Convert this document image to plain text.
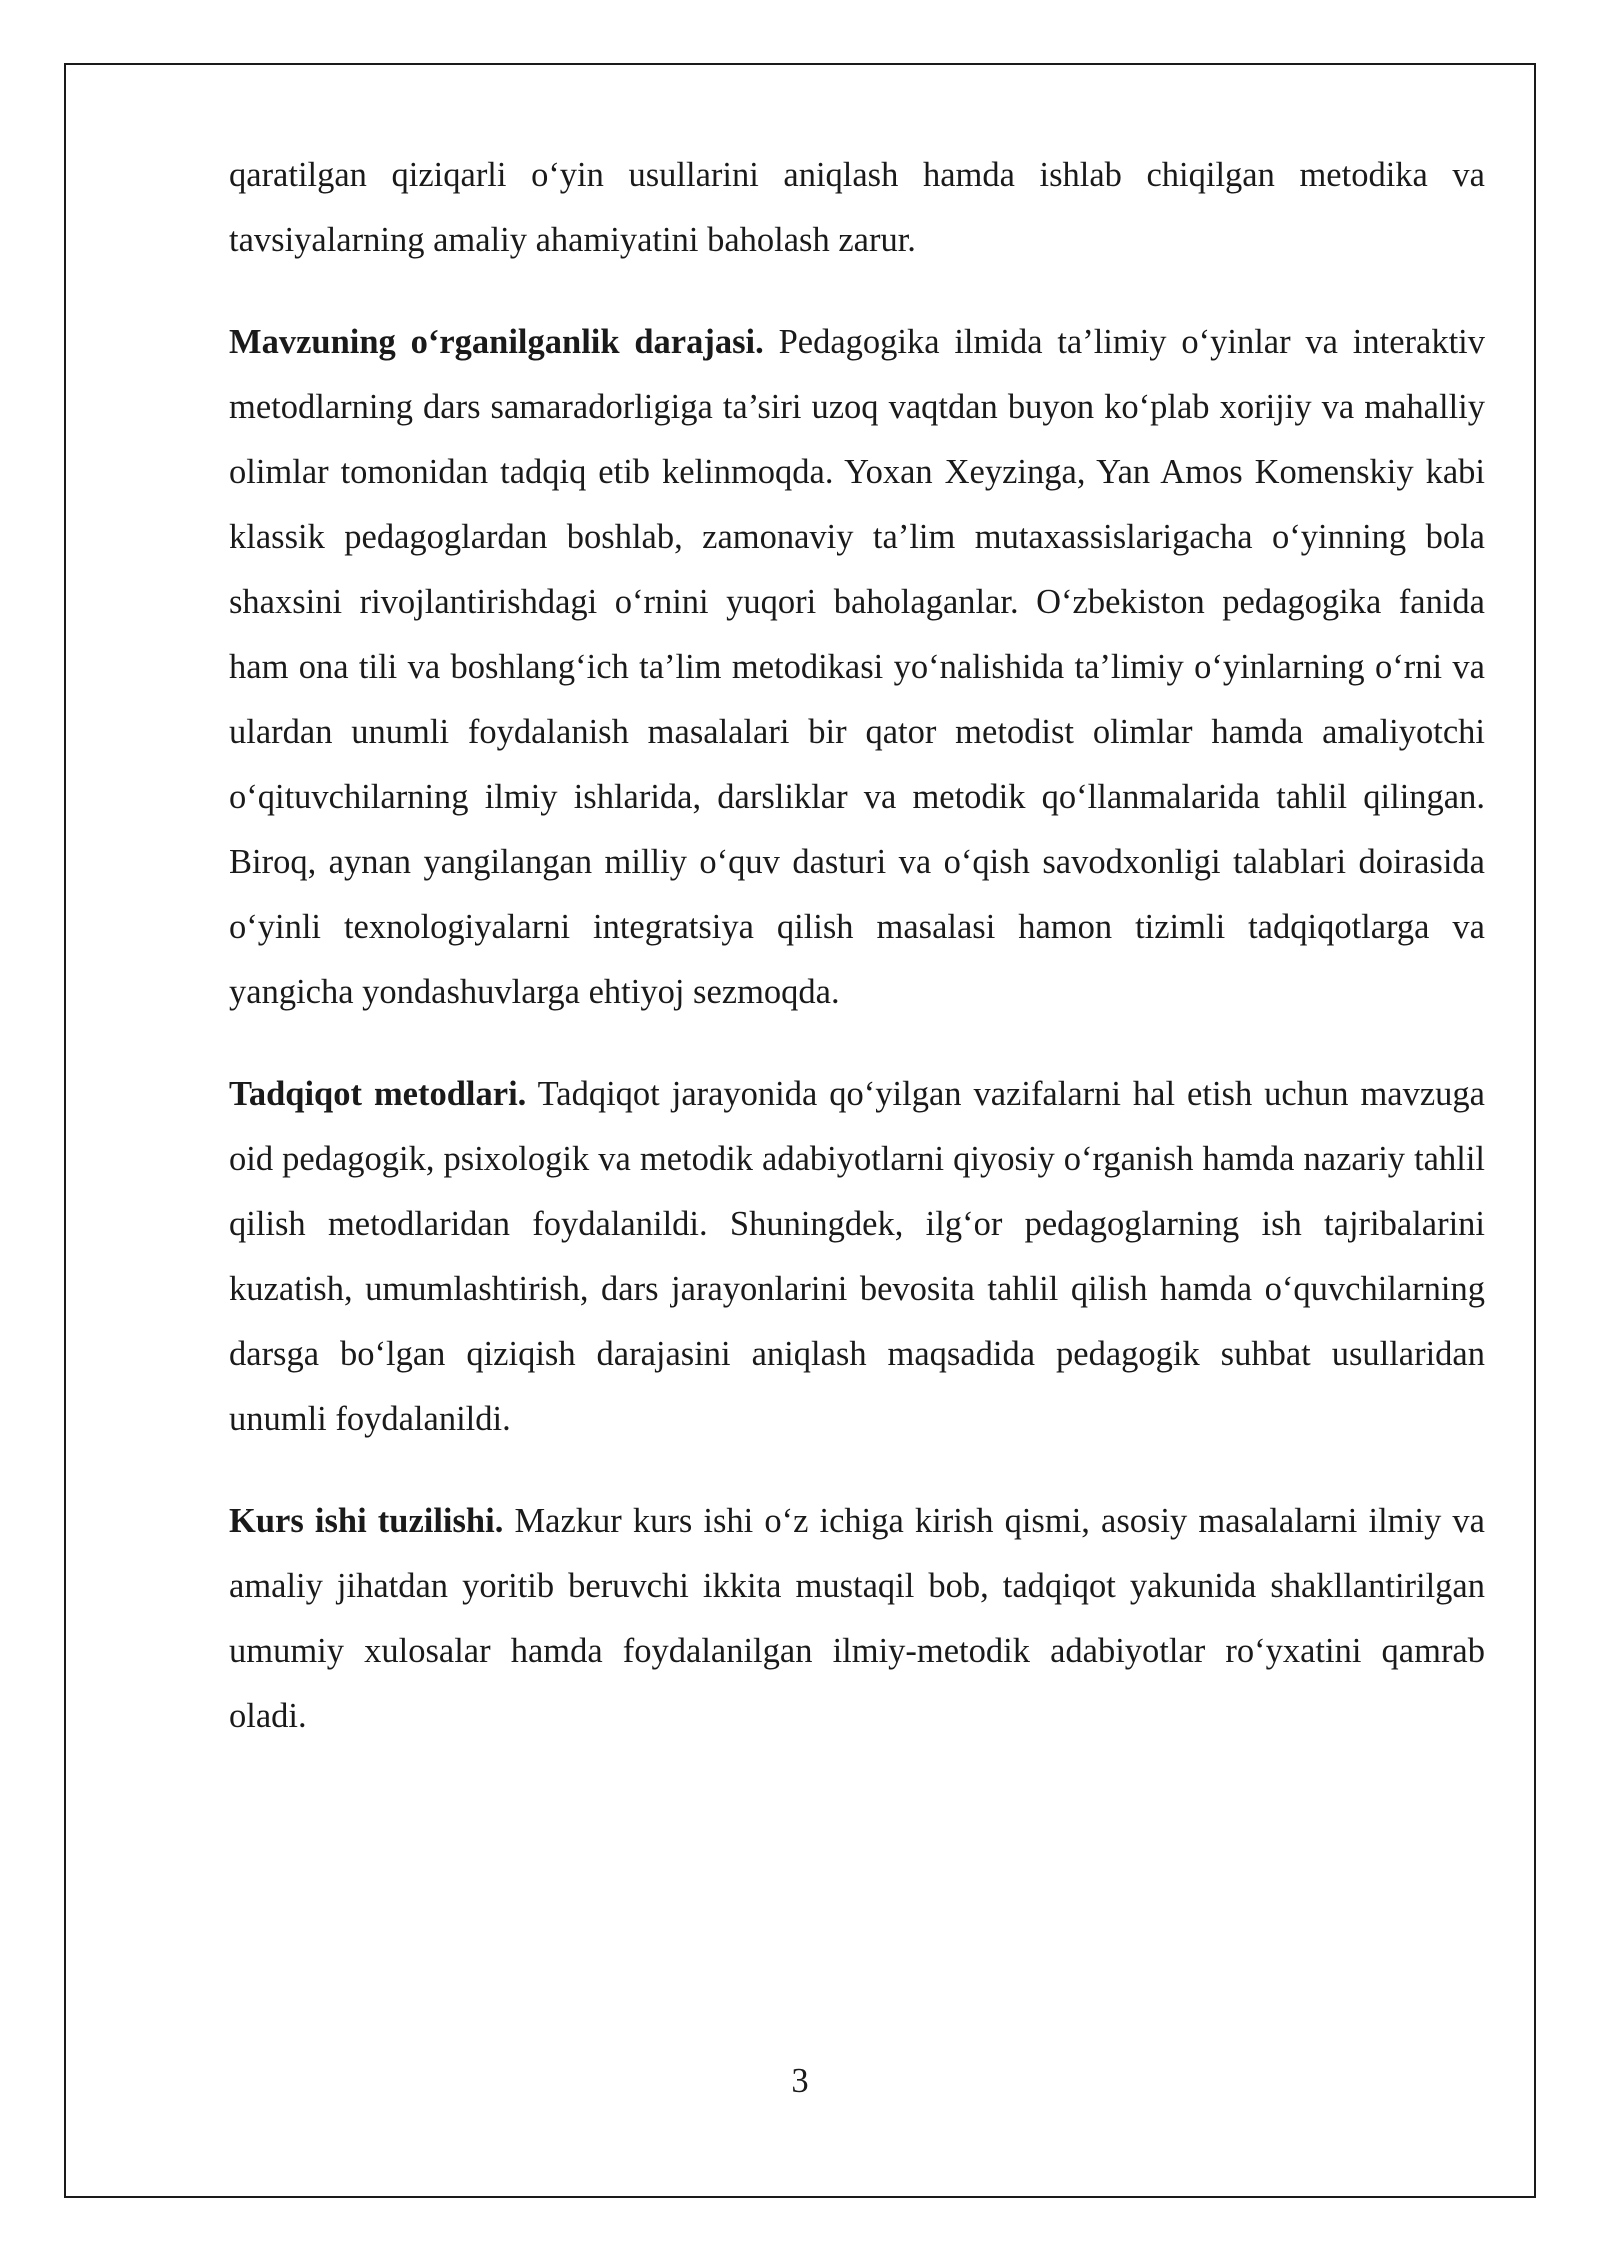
qaratilgan qiziqarli o‘yin usullarini aniqlash hamda ishlab chiqilgan metodika va tavsiyalarning amaliy ahamiyatini baholash zarur.

Mavzuning o‘rganilganlik darajasi. Pedagogika ilmida ta’limiy o‘yinlar va interaktiv metodlarning dars samaradorligiga ta’siri uzoq vaqtdan buyon ko‘plab xorijiy va mahalliy olimlar tomonidan tadqiq etib kelinmoqda. Yoxan Xeyzinga, Yan Amos Komenskiy kabi klassik pedagoglardan boshlab, zamonaviy ta’lim mutaxassislarigacha o‘yinning bola shaxsini rivojlantirishdagi o‘rnini yuqori baholaganlar. O‘zbekiston pedagogika fanida ham ona tili va boshlang‘ich ta’lim metodikasi yo‘nalishida ta’limiy o‘yinlarning o‘rni va ulardan unumli foydalanish masalalari bir qator metodist olimlar hamda amaliyotchi o‘qituvchilarning ilmiy ishlarida, darsliklar va metodik qo‘llanmalarida tahlil qilingan. Biroq, aynan yangilangan milliy o‘quv dasturi va o‘qish savodxonligi talablari doirasida o‘yinli texnologiyalarni integratsiya qilish masalasi hamon tizimli tadqiqotlarga va yangicha yondashuvlarga ehtiyoj sezmoqda.

Tadqiqot metodlari. Tadqiqot jarayonida qo‘yilgan vazifalarni hal etish uchun mavzuga oid pedagogik, psixologik va metodik adabiyotlarni qiyosiy o‘rganish hamda nazariy tahlil qilish metodlaridan foydalanildi. Shuningdek, ilg‘or pedagoglarning ish tajribalarini kuzatish, umumlashtirish, dars jarayonlarini bevosita tahlil qilish hamda o‘quvchilarning darsga bo‘lgan qiziqish darajasini aniqlash maqsadida pedagogik suhbat usullaridan unumli foydalanildi.

Kurs ishi tuzilishi. Mazkur kurs ishi o‘z ichiga kirish qismi, asosiy masalalarni ilmiy va amaliy jihatdan yoritib beruvchi ikkita mustaqil bob, tadqiqot yakunida shakllantirilgan umumiy xulosalar hamda foydalanilgan ilmiy-metodik adabiyotlar ro‘yxatini qamrab oladi.

3
